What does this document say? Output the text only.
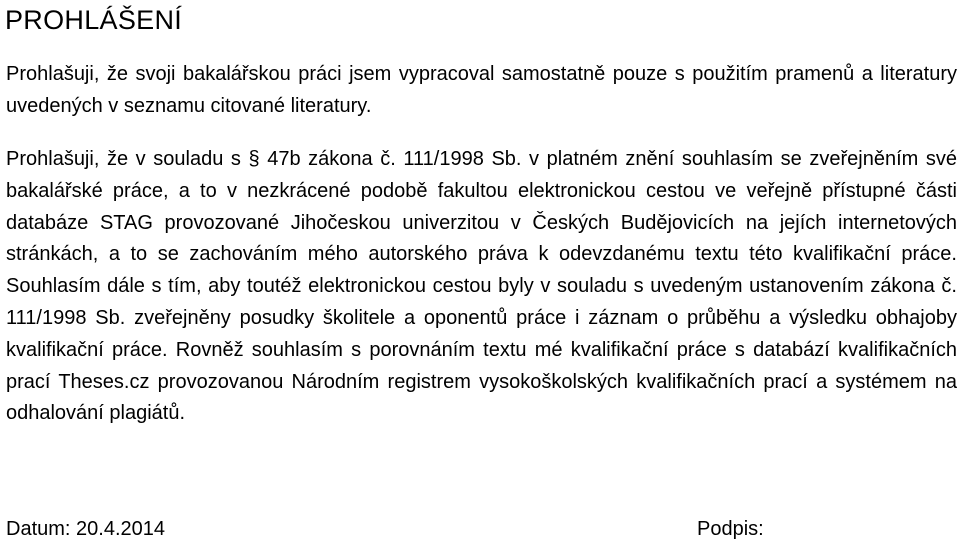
PROHLÁŠENÍ

Prohlašuji, že svoji bakalářskou práci jsem vypracoval samostatně pouze s použitím pramenů a literatury uvedených v seznamu citované literatury.

Prohlašuji, že v souladu s § 47b zákona č. 111/1998 Sb. v platném znění souhlasím se zveřejněním své bakalářské práce, a to v nezkrácené podobě fakultou elektronickou cestou ve veřejně přístupné části databáze STAG provozované Jihočeskou univerzitou v Českých Budějovicích na jejích internetových stránkách, a to se zachováním mého autorského práva k odevzdanému textu této kvalifikační práce. Souhlasím dále s tím, aby toutéž elektronickou cestou byly v souladu s uvedeným ustanovením zákona č. 111/1998 Sb. zveřejněny posudky školitele a oponentů práce i záznam o průběhu a výsledku obhajoby kvalifikační práce. Rovněž souhlasím s porovnáním textu mé kvalifikační práce s databází kvalifikačních prací Theses.cz provozovanou Národním registrem vysokoškolských kvalifikačních prací a systémem na odhalování plagiátů.

Datum: 20.4.2014	Podpis:
